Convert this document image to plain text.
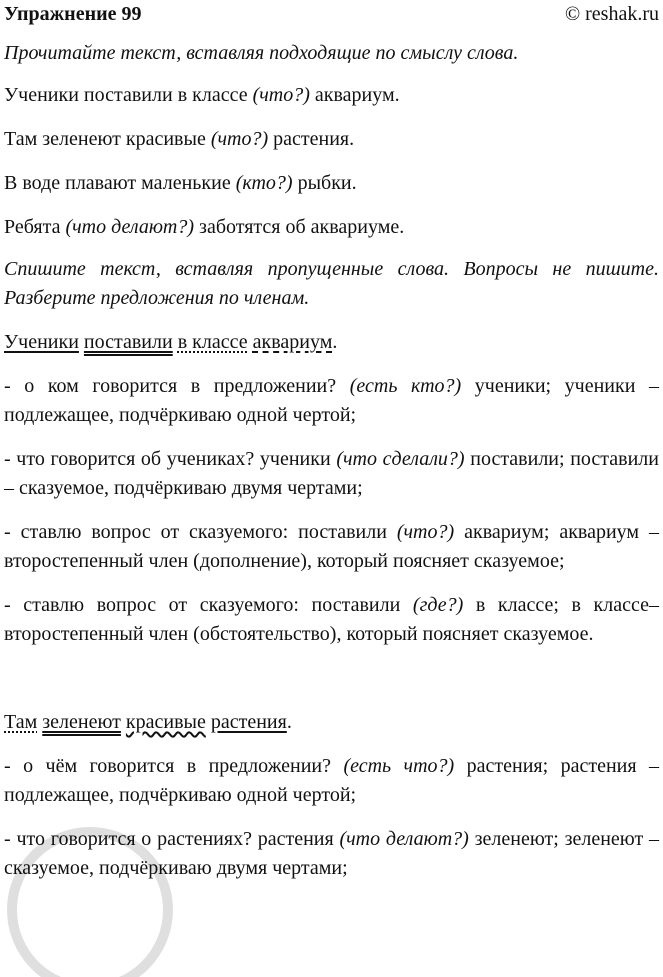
Упражнение 99	© reshak.ru

Прочитайте текст, вставляя подходящие по смыслу слова.

Ученики поставили в классе (что?) аквариум.

Там зеленеют красивые (что?) растения.

В воде плавают маленькие (кто?) рыбки.

Ребята (что делают?) заботятся об аквариуме.

Спишите текст, вставляя пропущенные слова. Вопросы не пишите. Разберите предложения по членам.

Ученики поставили в классе аквариум.

- о ком говорится в предложении? (есть кто?) ученики; ученики – подлежащее, подчёркиваю одной чертой;

- что говорится об учениках? ученики (что сделали?) поставили; поставили – сказуемое, подчёркиваю двумя чертами;

- ставлю вопрос от сказуемого: поставили (что?) аквариум; аквариум – второстепенный член (дополнение), который поясняет сказуемое;

- ставлю вопрос от сказуемого: поставили (где?) в классе; в классе– второстепенный член (обстоятельство), который поясняет сказуемое.

Там зеленеют красивые растения.

- о чём говорится в предложении? (есть что?) растения; растения – подлежащее, подчёркиваю одной чертой;

- что говорится о растениях? растения (что делают?) зеленеют; зеленеют – сказуемое, подчёркиваю двумя чертами;
